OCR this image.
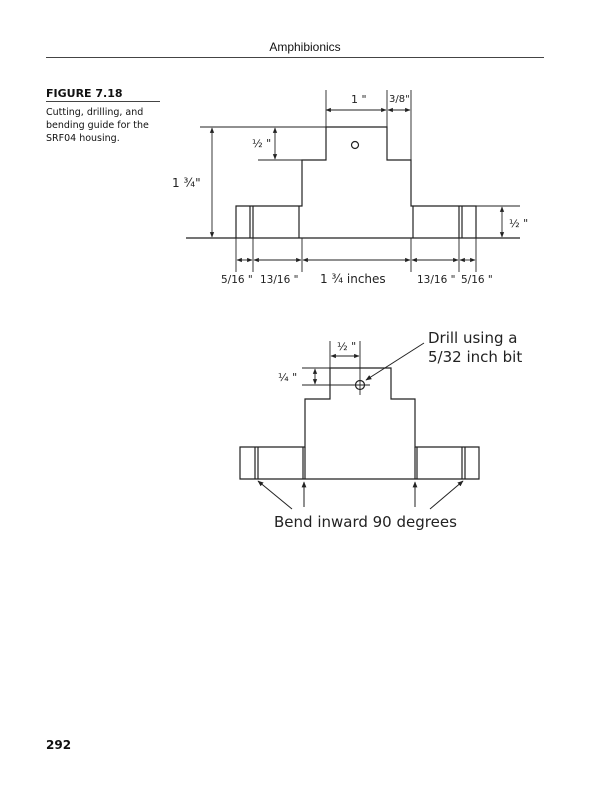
Amphibionics
FIGURE 7.18
Cutting, drilling, and bending guide for the SRF04 housing.
1 " 3/8"
½ "
1 ¾"
½ "
5/16 " 13/16 " 1 ¾ inches	13/16 " 5/16 "
½ "
¼ "
Drill using a
5/32 inch bit
Bend inward 90 degrees
292
